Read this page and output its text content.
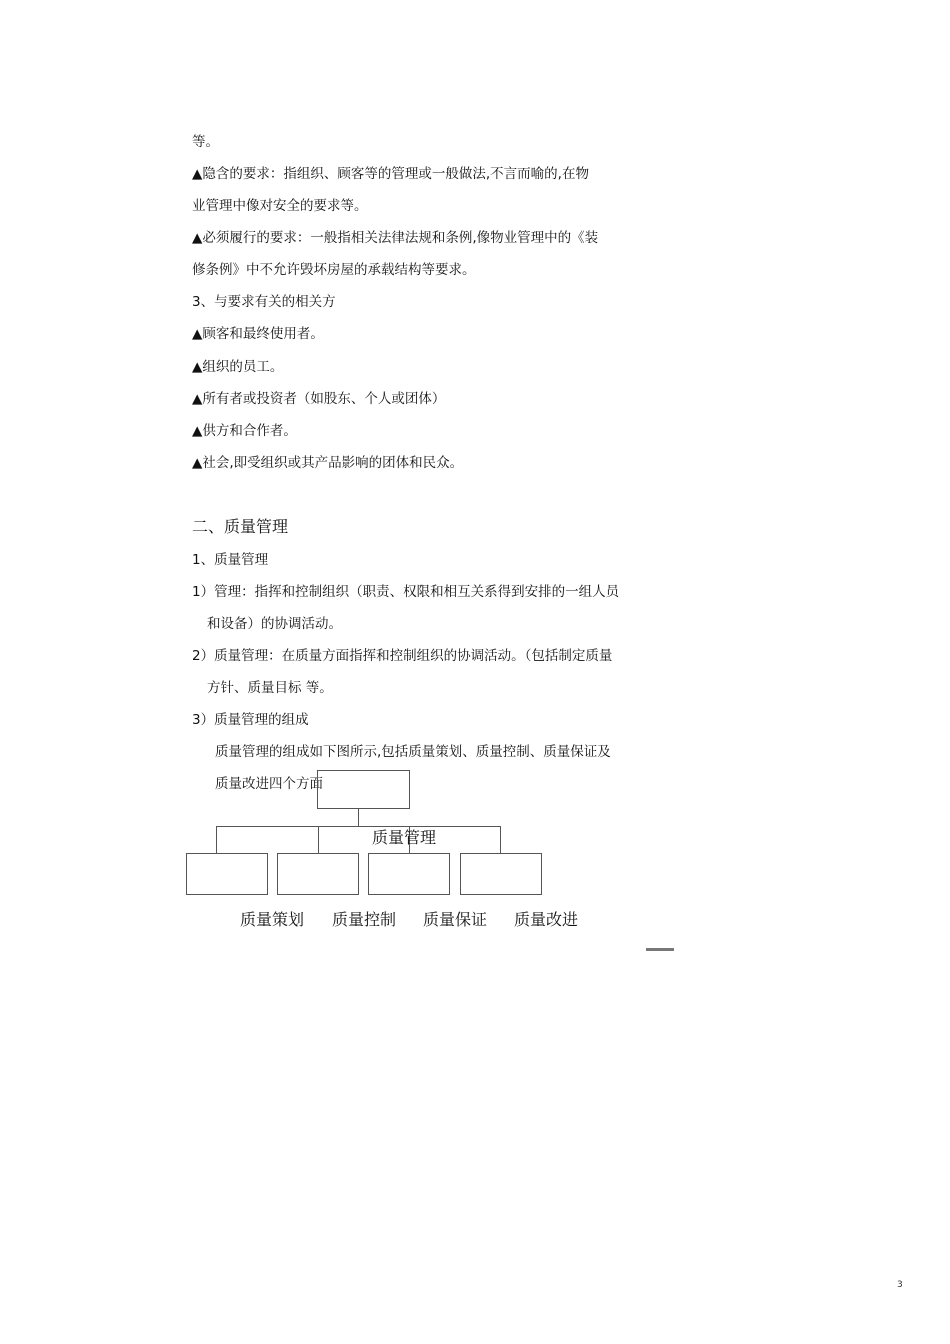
等。
▲隐含的要求：指组织、顾客等的管理或一般做法,不言而喻的,在物
业管理中像对安全的要求等。
▲必须履行的要求：一般指相关法律法规和条例,像物业管理中的《装
修条例》中不允许毁坏房屋的承载结构等要求。
3、与要求有关的相关方
▲顾客和最终使用者。
▲组织的员工。
▲所有者或投资者（如股东、个人或团体）
▲供方和合作者。
▲社会,即受组织或其产品影响的团体和民众。
二、质量管理
1、质量管理
1）管理：指挥和控制组织（职责、权限和相互关系得到安排的一组人员
和设备）的协调活动。
2）质量管理：在质量方面指挥和控制组织的协调活动。（包括制定质量
方针、质量目标 等。
3）质量管理的组成
质量管理的组成如下图所示,包括质量策划、质量控制、质量保证及
质量改进四个方面
质量管理
质量策划 质量控制 质量保证 质量改进
3
